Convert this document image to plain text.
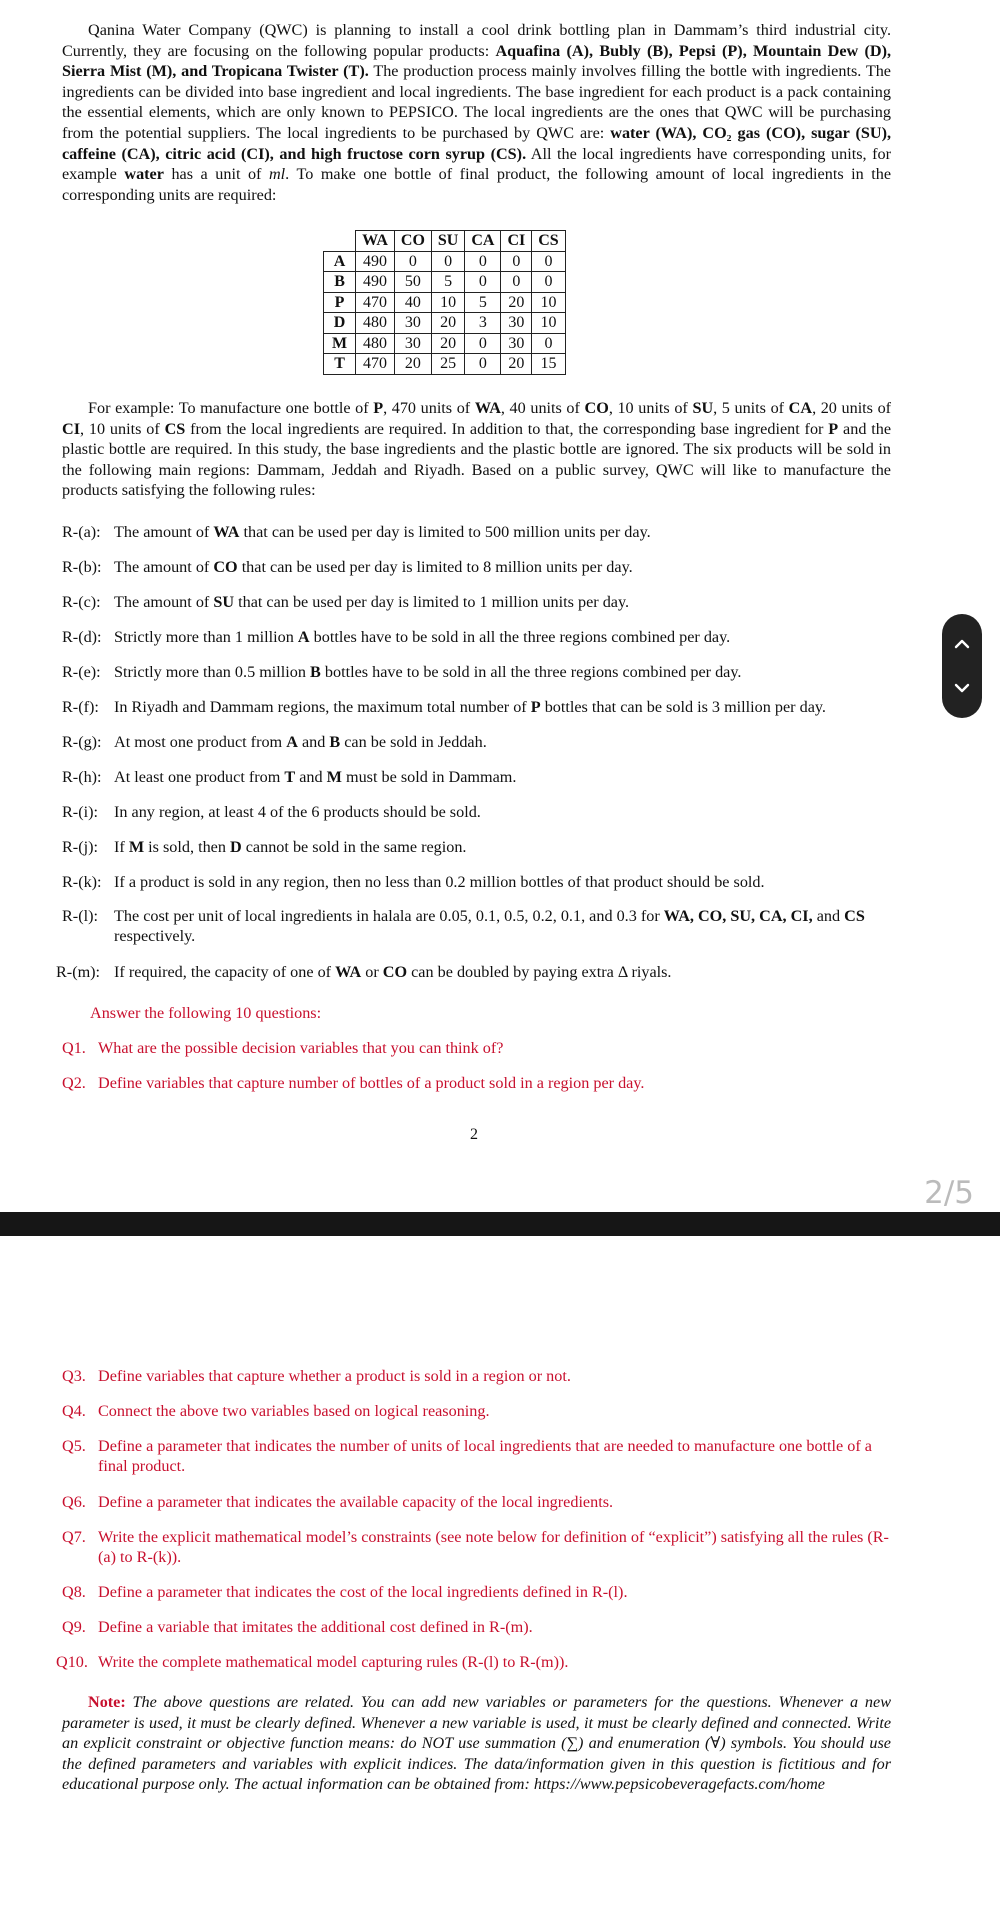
Qanina Water Company (QWC) is planning to install a cool drink bottling plan in Dammam’s third industrial city. Currently, they are focusing on the following popular products: Aquafina (A), Bubly (B), Pepsi (P), Mountain Dew (D), Sierra Mist (M), and Tropicana Twister (T). The production process mainly involves filling the bottle with ingredients. The ingredients can be divided into base ingredient and local ingredients. The base ingredient for each product is a pack containing the essential elements, which are only known to PEPSICO. The local ingredients are the ones that QWC will be purchasing from the potential suppliers. The local ingredients to be purchased by QWC are: water (WA), CO₂ gas (CO), sugar (SU), caffeine (CA), citric acid (CI), and high fructose corn syrup (CS). All the local ingredients have corresponding units, for example water has a unit of ml. To make one bottle of final product, the following amount of local ingredients in the corresponding units are required:
	WA	CO	SU	CA	CI	CS
A	490	0	0	0	0	0
B	490	50	5	0	0	0
P	470	40	10	5	20	10
D	480	30	20	3	30	10
M	480	30	20	0	30	0
T	470	20	25	0	20	15
For example: To manufacture one bottle of P, 470 units of WA, 40 units of CO, 10 units of SU, 5 units of CA, 20 units of CI, 10 units of CS from the local ingredients are required. In addition to that, the corresponding base ingredient for P and the plastic bottle are required. In this study, the base ingredients and the plastic bottle are ignored. The six products will be sold in the following main regions: Dammam, Jeddah and Riyadh. Based on a public survey, QWC will like to manufacture the products satisfying the following rules:
R-(a): The amount of WA that can be used per day is limited to 500 million units per day.
R-(b): The amount of CO that can be used per day is limited to 8 million units per day.
R-(c): The amount of SU that can be used per day is limited to 1 million units per day.
R-(d): Strictly more than 1 million A bottles have to be sold in all the three regions combined per day.
R-(e): Strictly more than 0.5 million B bottles have to be sold in all the three regions combined per day.
R-(f): In Riyadh and Dammam regions, the maximum total number of P bottles that can be sold is 3 million per day.
R-(g): At most one product from A and B can be sold in Jeddah.
R-(h): At least one product from T and M must be sold in Dammam.
R-(i): In any region, at least 4 of the 6 products should be sold.
R-(j): If M is sold, then D cannot be sold in the same region.
R-(k): If a product is sold in any region, then no less than 0.2 million bottles of that product should be sold.
R-(l): The cost per unit of local ingredients in halala are 0.05, 0.1, 0.5, 0.2, 0.1, and 0.3 for WA, CO, SU, CA, CI, and CS respectively.
R-(m): If required, the capacity of one of WA or CO can be doubled by paying extra Δ riyals.
Answer the following 10 questions:
2
2/5
Q1. What are the possible decision variables that you can think of?
Q2. Define variables that capture number of bottles of a product sold in a region per day.
Note: The above questions are related. You can add new variables or parameters for the questions. Whenever a new parameter is used, it must be clearly defined. Whenever a new variable is used, it must be clearly defined and connected. Write an explicit constraint or objective function means: do NOT use summation (∑) and enumeration (∀) symbols. You should use the defined parameters and variables with explicit indices. The data/information given in this question is fictitious and for educational purpose only. The actual information can be obtained from: https://www.pepsicobeveragefacts.com/home
Q3. Define variables that capture whether a product is sold in a region or not.
Q4. Connect the above two variables based on logical reasoning.
Q5. Define a parameter that indicates the number of units of local ingredients that are needed to manufacture one bottle of a final product.
Q6. Define a parameter that indicates the available capacity of the local ingredients.
Q7. Write the explicit mathematical model’s constraints (see note below for definition of “explicit”) satisfying all the rules (R-(a) to R-(k)).
Q8. Define a parameter that indicates the cost of the local ingredients defined in R-(l).
Q9. Define a variable that imitates the additional cost defined in R-(m).
Q10. Write the complete mathematical model capturing rules (R-(l) to R-(m)).
